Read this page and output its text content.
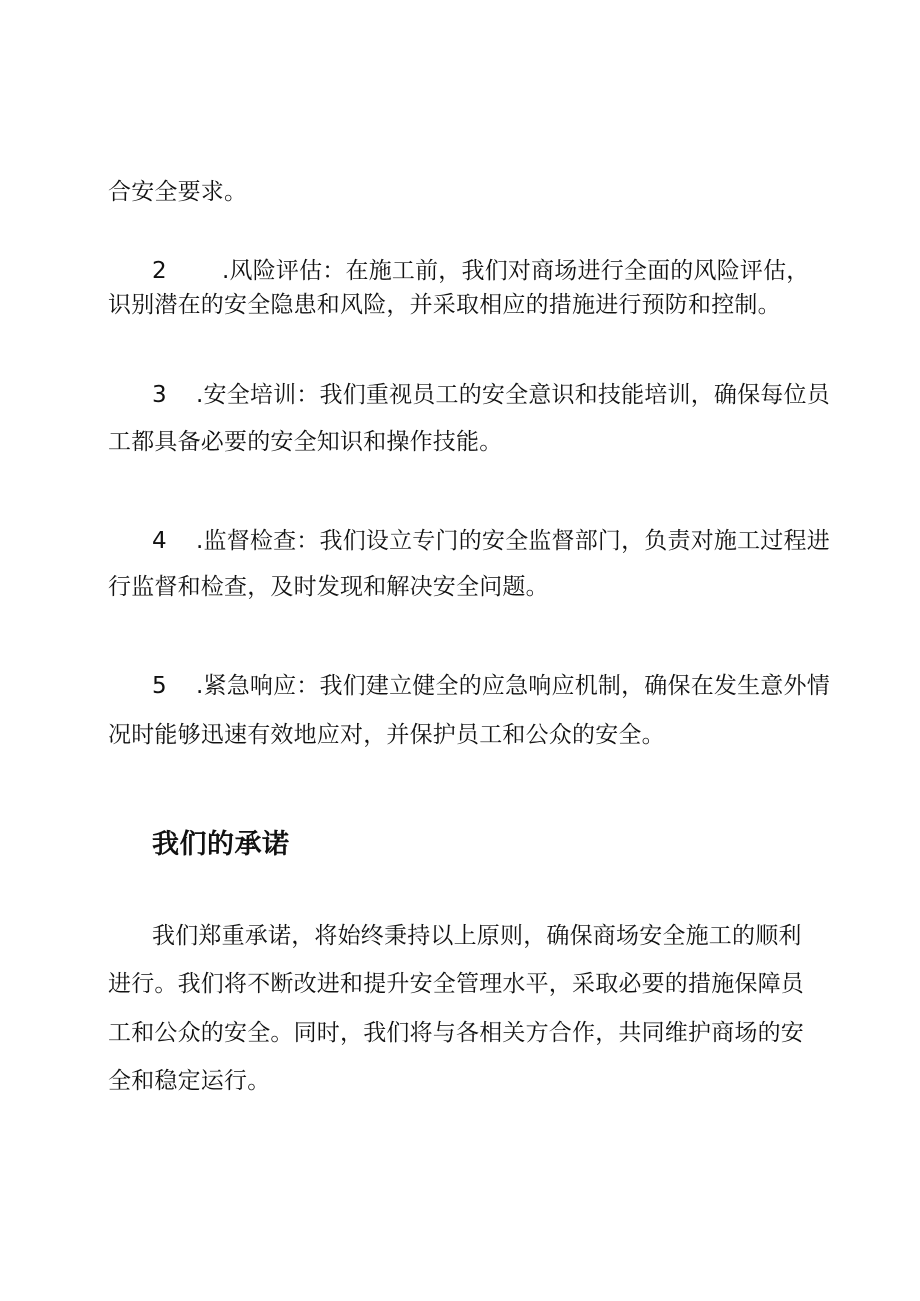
合安全要求。
2 .风险评估：在施工前，我们对商场进行全面的风险评估，
识别潜在的安全隐患和风险，并采取相应的措施进行预防和控制。
3 .安全培训：我们重视员工的安全意识和技能培训，确保每位员
工都具备必要的安全知识和操作技能。
4 .监督检查：我们设立专门的安全监督部门，负责对施工过程进
行监督和检查，及时发现和解决安全问题。
5 .紧急响应：我们建立健全的应急响应机制，确保在发生意外情
况时能够迅速有效地应对，并保护员工和公众的安全。
我们的承诺
我们郑重承诺，将始终秉持以上原则，确保商场安全施工的顺利
进行。我们将不断改进和提升安全管理水平，采取必要的措施保障员
工和公众的安全。同时，我们将与各相关方合作，共同维护商场的安
全和稳定运行。
